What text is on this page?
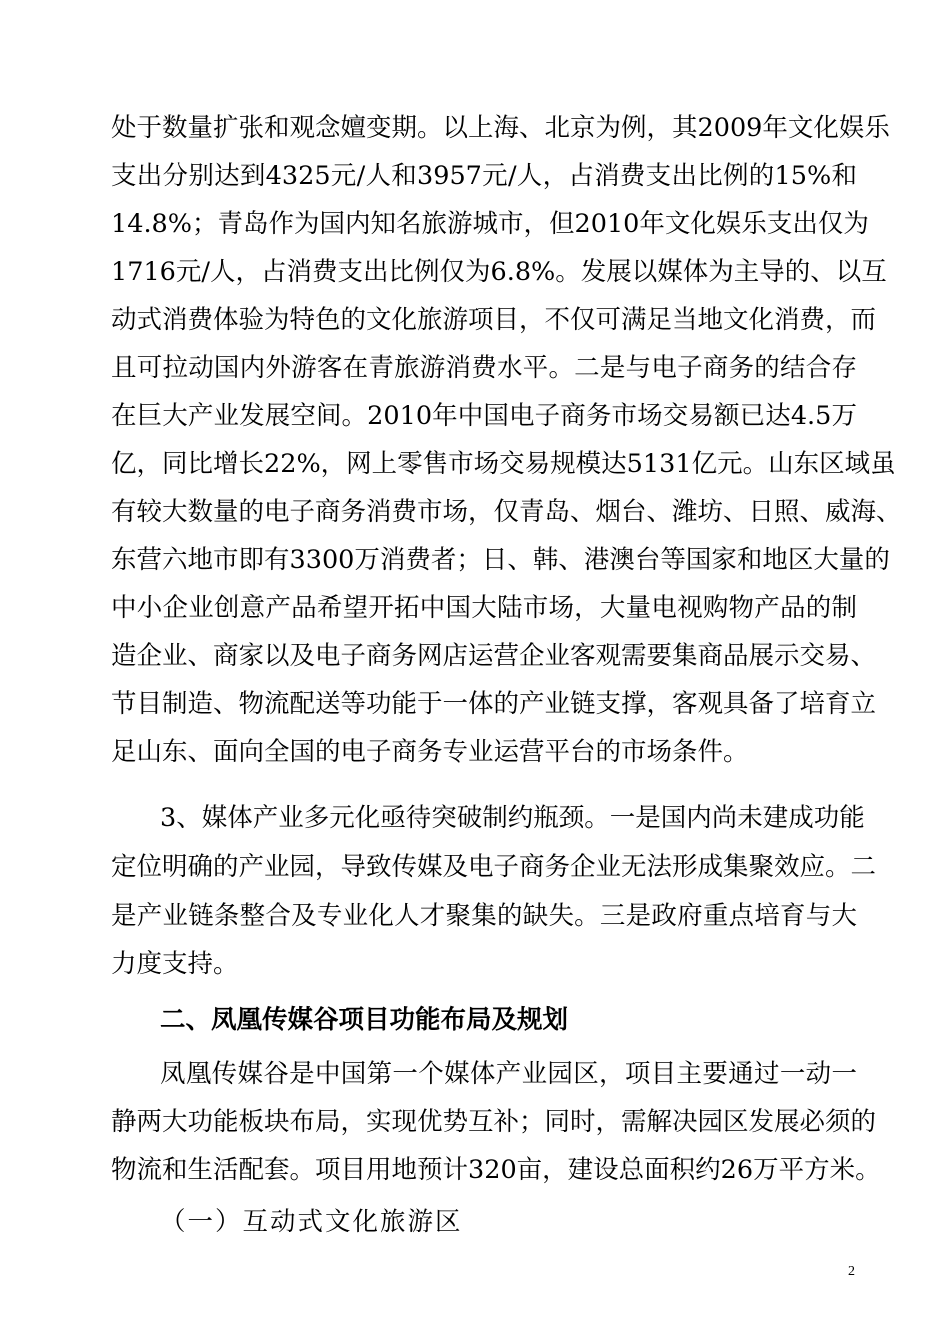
处于数量扩张和观念嬗变期。以上海、北京为例，其2009年文化娱乐
支出分别达到4325元/人和3957元/人，占消费支出比例的15%和
14.8%；青岛作为国内知名旅游城市，但2010年文化娱乐支出仅为
1716元/人，占消费支出比例仅为6.8%。发展以媒体为主导的、以互
动式消费体验为特色的文化旅游项目，不仅可满足当地文化消费，而
且可拉动国内外游客在青旅游消费水平。二是与电子商务的结合存
在巨大产业发展空间。2010年中国电子商务市场交易额已达4.5万
亿，同比增长22%，网上零售市场交易规模达5131亿元。山东区域虽
有较大数量的电子商务消费市场，仅青岛、烟台、潍坊、日照、威海、
东营六地市即有3300万消费者；日、韩、港澳台等国家和地区大量的
中小企业创意产品希望开拓中国大陆市场，大量电视购物产品的制
造企业、商家以及电子商务网店运营企业客观需要集商品展示交易、
节目制造、物流配送等功能于一体的产业链支撑，客观具备了培育立
足山东、面向全国的电子商务专业运营平台的市场条件。
3、媒体产业多元化亟待突破制约瓶颈。一是国内尚未建成功能
定位明确的产业园，导致传媒及电子商务企业无法形成集聚效应。二
是产业链条整合及专业化人才聚集的缺失。三是政府重点培育与大
力度支持。
二、凤凰传媒谷项目功能布局及规划
凤凰传媒谷是中国第一个媒体产业园区，项目主要通过一动一
静两大功能板块布局，实现优势互补；同时，需解决园区发展必须的
物流和生活配套。项目用地预计320亩，建设总面积约26万平方米。
（一）互动式文化旅游区
2
